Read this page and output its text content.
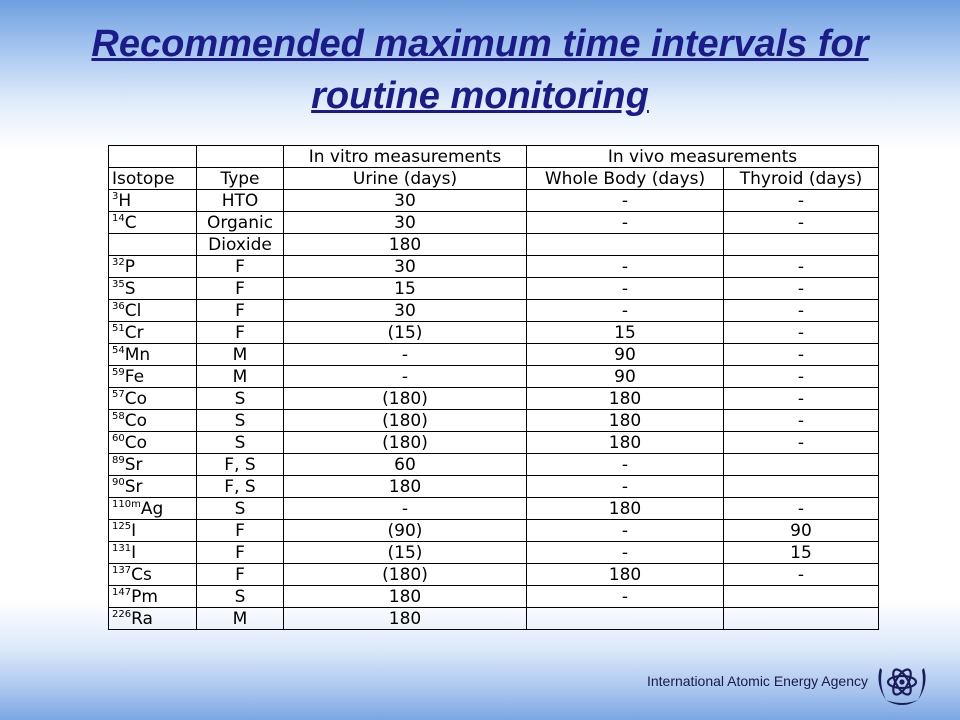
Recommended maximum time intervals for
routine monitoring
		In vitro measurements	In vivo measurements	
Isotope	Type	Urine (days)	Whole Body (days)	Thyroid (days)
$^3$H	HTO	30	-	-
$^{14}$C	Organic	30	-	-
	Dioxide	180		
$^{32}$P	F	30	-	-
$^{35}$S	F	15	-	-
$^{36}$Cl	F	30	-	-
$^{51}$Cr	F	(15)	15	-
$^{54}$Mn	M	-	90	-
$^{59}$Fe	M	-	90	-
$^{57}$Co	S	(180)	180	-
$^{58}$Co	S	(180)	180	-
$^{60}$Co	S	(180)	180	-
$^{89}$Sr	F, S	60	-	
$^{90}$Sr	F, S	180	-	
$^{110m}$Ag	S	-	180	-
$^{125}$I	F	(90)	-	90
$^{131}$I	F	(15)	-	15
$^{137}$Cs	F	(180)	180	-
$^{147}$Pm	S	180	-	
$^{226}$Ra	M	180		
International Atomic Energy Agency
